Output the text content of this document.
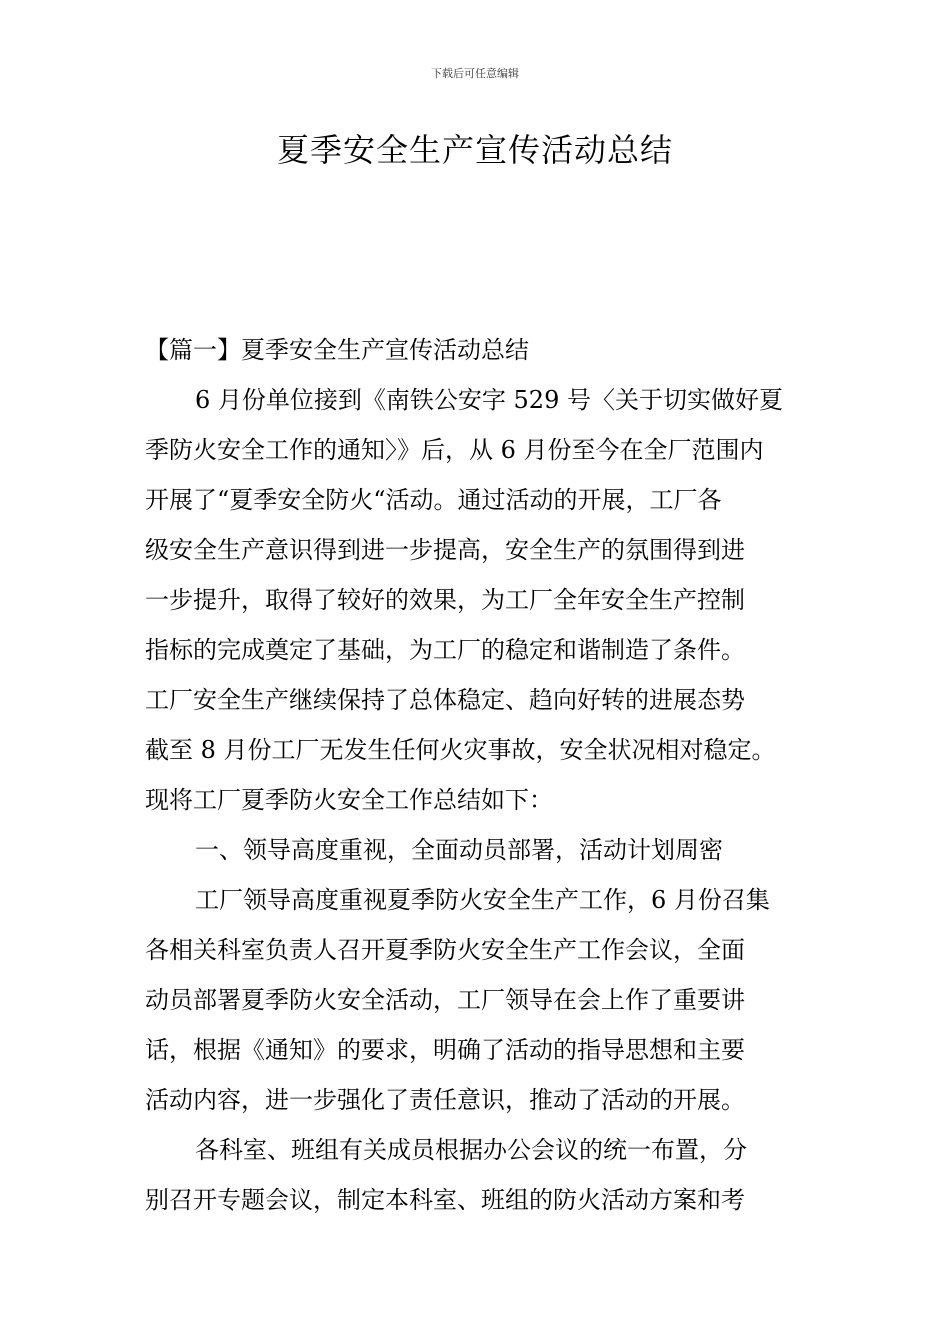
下载后可任意编辑
夏季安全生产宣传活动总结
【篇一】夏季安全生产宣传活动总结
6 月份单位接到《南铁公安字 529 号〈关于切实做好夏
季防火安全工作的通知〉》后，从 6 月份至今在全厂范围内
开展了“夏季安全防火“活动。通过活动的开展，工厂各
级安全生产意识得到进一步提高，安全生产的氛围得到进
一步提升，取得了较好的效果，为工厂全年安全生产控制
指标的完成奠定了基础，为工厂的稳定和谐制造了条件。
工厂安全生产继续保持了总体稳定、趋向好转的进展态势
截至 8 月份工厂无发生任何火灾事故，安全状况相对稳定。
现将工厂夏季防火安全工作总结如下：
一、领导高度重视，全面动员部署，活动计划周密
工厂领导高度重视夏季防火安全生产工作，6 月份召集
各相关科室负责人召开夏季防火安全生产工作会议，全面
动员部署夏季防火安全活动，工厂领导在会上作了重要讲
话，根据《通知》的要求，明确了活动的指导思想和主要
活动内容，进一步强化了责任意识，推动了活动的开展。
各科室、班组有关成员根据办公会议的统一布置，分
别召开专题会议，制定本科室、班组的防火活动方案和考
